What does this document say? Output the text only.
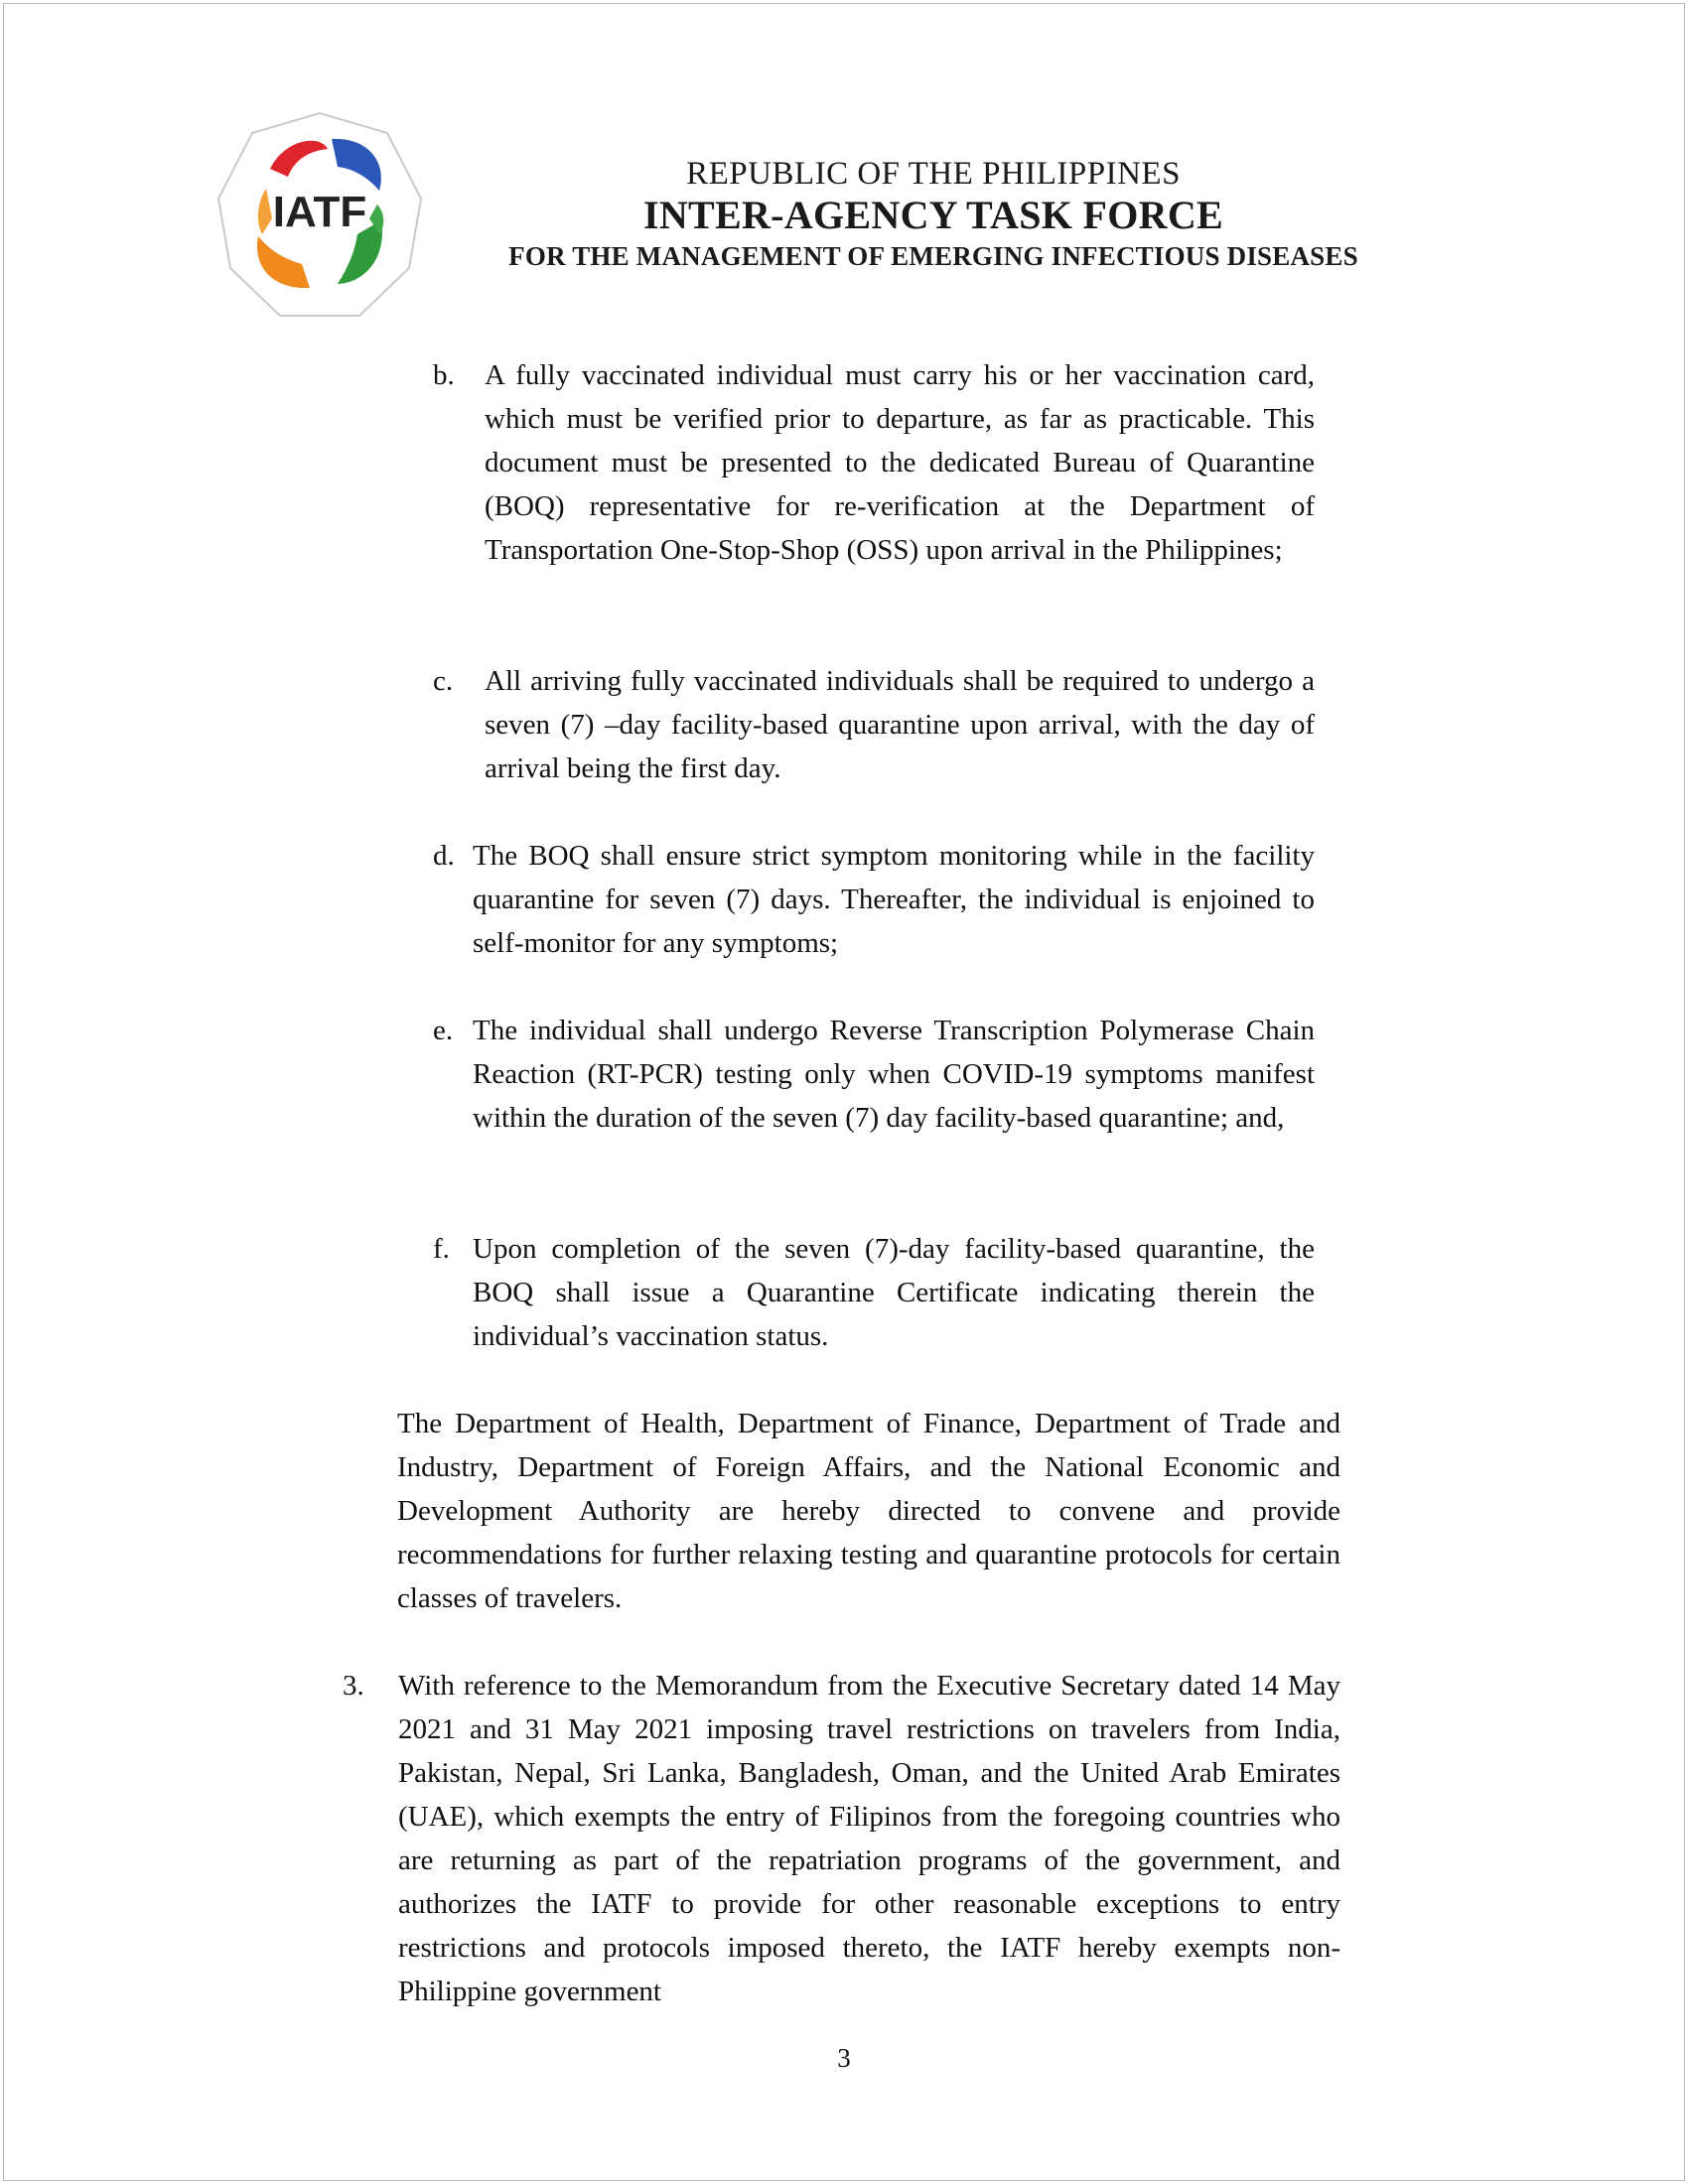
IATF
REPUBLIC OF THE PHILIPPINES
INTER-AGENCY TASK FORCE
FOR THE MANAGEMENT OF EMERGING INFECTIOUS DISEASES
b.	A fully vaccinated individual must carry his or her vaccination card, which must be verified prior to departure, as far as practicable. This document must be presented to the dedicated Bureau of Quarantine (BOQ) representative for re-verification at the Department of Transportation One-Stop-Shop (OSS) upon arrival in the Philippines;
c.	All arriving fully vaccinated individuals shall be required to undergo a seven (7) –day facility-based quarantine upon arrival, with the day of arrival being the first day.
d. The BOQ shall ensure strict symptom monitoring while in the facility quarantine for seven (7) days. Thereafter, the individual is enjoined to self-monitor for any symptoms;
e. The individual shall undergo Reverse Transcription Polymerase Chain Reaction (RT-PCR) testing only when COVID-19 symptoms manifest within the duration of the seven (7) day facility-based quarantine; and,
f. Upon completion of the seven (7)-day facility-based quarantine, the BOQ shall issue a Quarantine Certificate indicating therein the individual’s vaccination status.

The Department of Health, Department of Finance, Department of Trade and Industry, Department of Foreign Affairs, and the National Economic and Development Authority are hereby directed to convene and provide recommendations for further relaxing testing and quarantine protocols for certain classes of travelers.

3. With reference to the Memorandum from the Executive Secretary dated 14 May 2021 and 31 May 2021 imposing travel restrictions on travelers from India, Pakistan, Nepal, Sri Lanka, Bangladesh, Oman, and the United Arab Emirates (UAE), which exempts the entry of Filipinos from the foregoing countries who are returning as part of the repatriation programs of the government, and authorizes the IATF to provide for other reasonable exceptions to entry restrictions and protocols imposed thereto, the IATF hereby exempts non-Philippine government
3
